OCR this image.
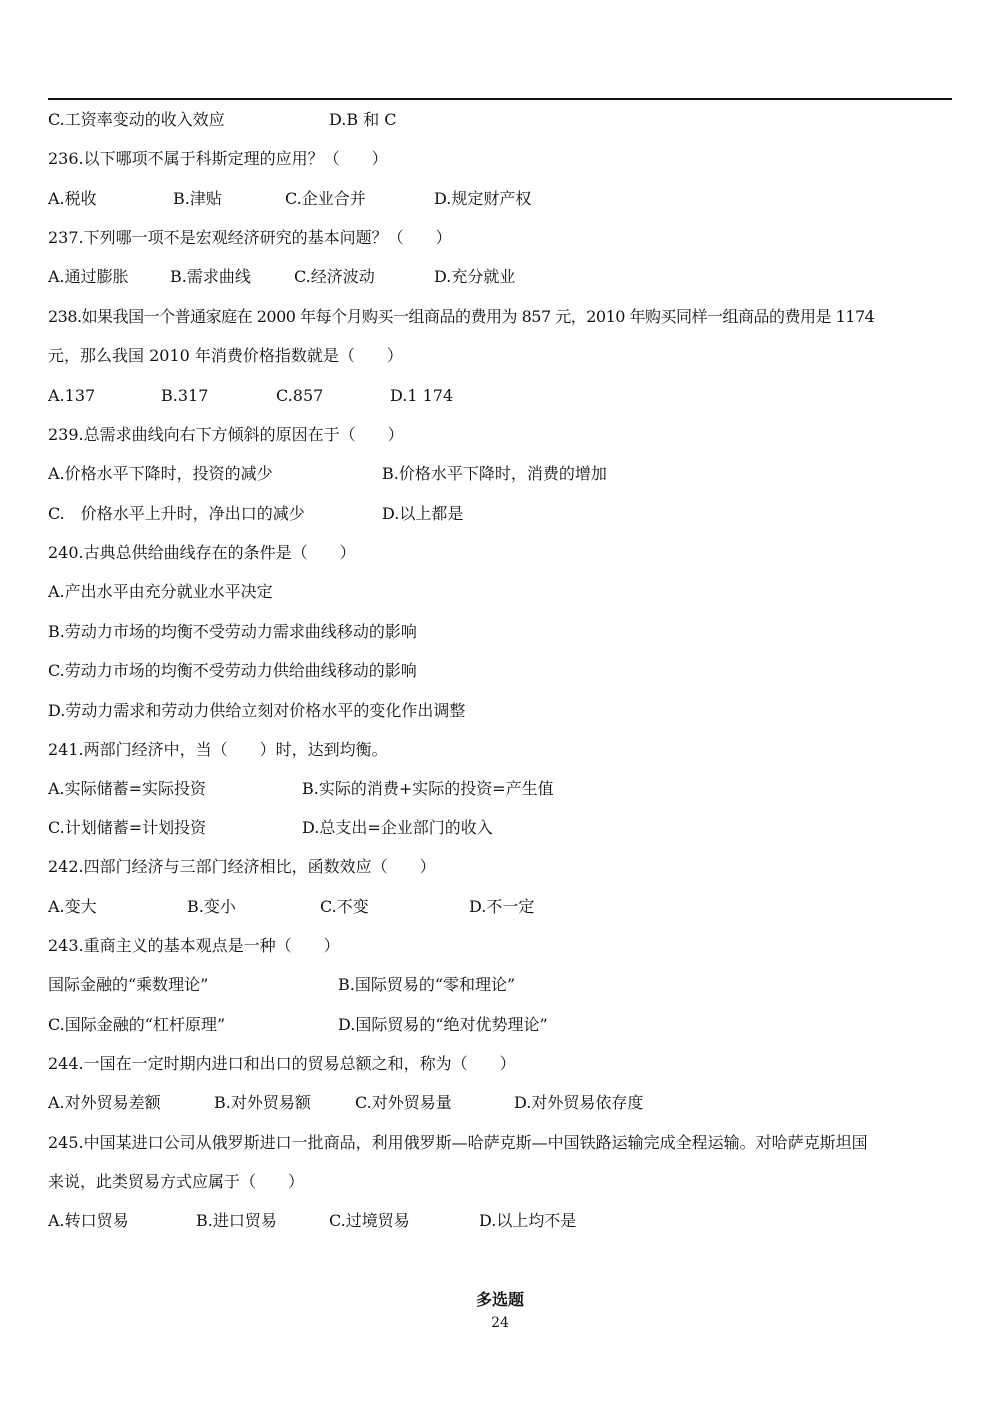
C.工资率变动的收入效应	D.B 和 C
236.以下哪项不属于科斯定理的应用？（　　）
A.税收	B.津贴	C.企业合并	D.规定财产权
237.下列哪一项不是宏观经济研究的基本问题？（　　）
A.通过膨胀	B.需求曲线	C.经济波动	D.充分就业
238.如果我国一个普通家庭在 2000 年每个月购买一组商品的费用为 857 元，2010 年购买同样一组商品的费用是 1174
元，那么我国 2010 年消费价格指数就是（　　）
A.137	B.317	C.857	D.1 174
239.总需求曲线向右下方倾斜的原因在于（　　）
A.价格水平下降时，投资的减少	B.价格水平下降时，消费的增加
C.　价格水平上升时，净出口的减少	D.以上都是
240.古典总供给曲线存在的条件是（　　）
A.产出水平由充分就业水平决定
B.劳动力市场的均衡不受劳动力需求曲线移动的影响
C.劳动力市场的均衡不受劳动力供给曲线移动的影响
D.劳动力需求和劳动力供给立刻对价格水平的变化作出调整
241.两部门经济中，当（　　）时，达到均衡。
A.实际储蓄=实际投资	B.实际的消费+实际的投资=产生值
C.计划储蓄=计划投资	D.总支出=企业部门的收入
242.四部门经济与三部门经济相比，函数效应（　　）
A.变大	B.变小	C.不变	D.不一定
243.重商主义的基本观点是一种（　　）
国际金融的“乘数理论”	B.国际贸易的“零和理论”
C.国际金融的“杠杆原理”	D.国际贸易的“绝对优势理论”
244.一国在一定时期内进口和出口的贸易总额之和，称为（　　）
A.对外贸易差额	B.对外贸易额	C.对外贸易量	D.对外贸易依存度
245.中国某进口公司从俄罗斯进口一批商品，利用俄罗斯—哈萨克斯—中国铁路运输完成全程运输。对哈萨克斯坦国
来说，此类贸易方式应属于（　　）
A.转口贸易	B.进口贸易	C.过境贸易	D.以上均不是
多选题
24
